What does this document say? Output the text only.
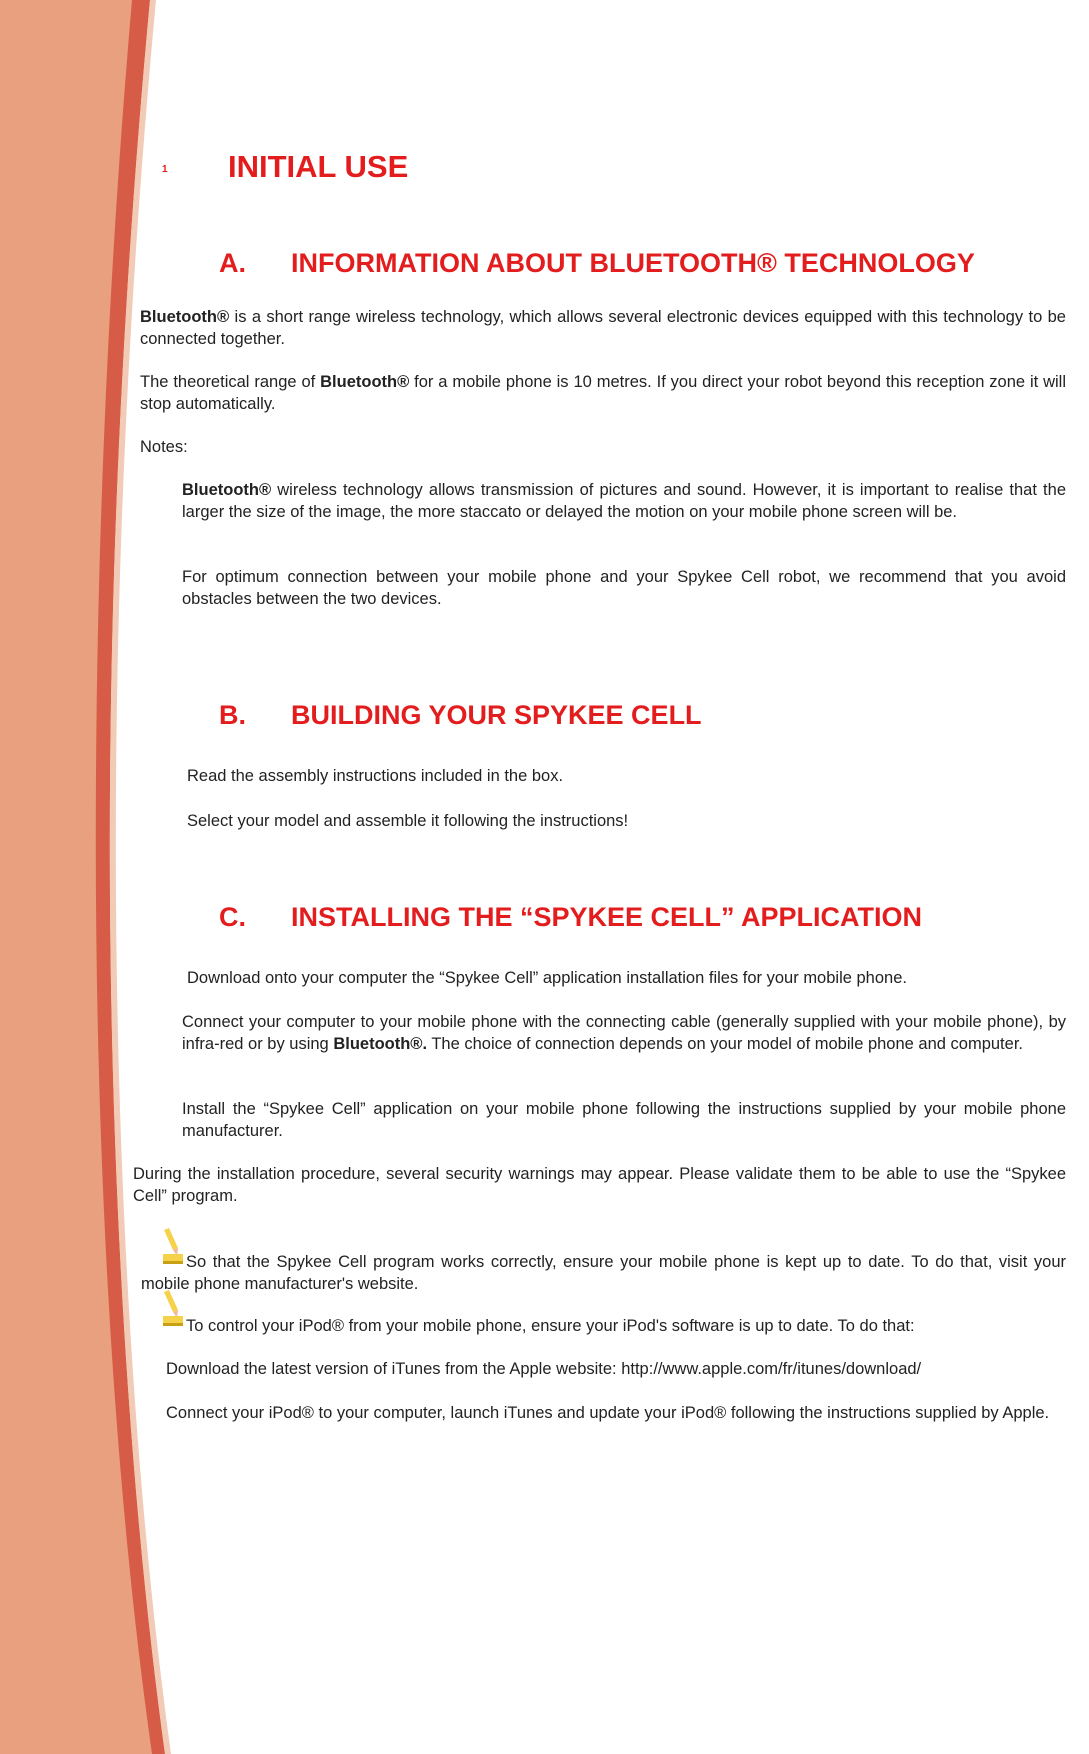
1 INITIAL USE
A. INFORMATION ABOUT BLUETOOTH® TECHNOLOGY
B. BUILDING YOUR SPYKEE CELL
C. INSTALLING THE “SPYKEE CELL” APPLICATION
Bluetooth® is a short range wireless technology, which allows several electronic devices equipped with this technology to be connected together.
The theoretical range of Bluetooth® for a mobile phone is 10 metres. If you direct your robot beyond this reception zone it will stop automatically.
Notes:
Bluetooth® wireless technology allows transmission of pictures and sound. However, it is important to realise that the larger the size of the image, the more staccato or delayed the motion on your mobile phone screen will be.
For optimum connection between your mobile phone and your Spykee Cell robot, we recommend that you avoid obstacles between the two devices.
Read the assembly instructions included in the box.
Select your model and assemble it following the instructions!
Download onto your computer the “Spykee Cell” application installation files for your mobile phone.
Connect your computer to your mobile phone with the connecting cable (generally supplied with your mobile phone), by infra-red or by using Bluetooth®. The choice of connection depends on your model of mobile phone and computer.
Install the “Spykee Cell” application on your mobile phone following the instructions supplied by your mobile phone manufacturer.
During the installation procedure, several security warnings may appear. Please validate them to be able to use the “Spykee Cell” program.
So that the Spykee Cell program works correctly, ensure your mobile phone is kept up to date. To do that, visit your mobile phone manufacturer's website.
To control your iPod® from your mobile phone, ensure your iPod's software is up to date. To do that:
Download the latest version of iTunes from the Apple website: http://www.apple.com/fr/itunes/download/
Connect your iPod® to your computer, launch iTunes and update your iPod® following the instructions supplied by Apple.
